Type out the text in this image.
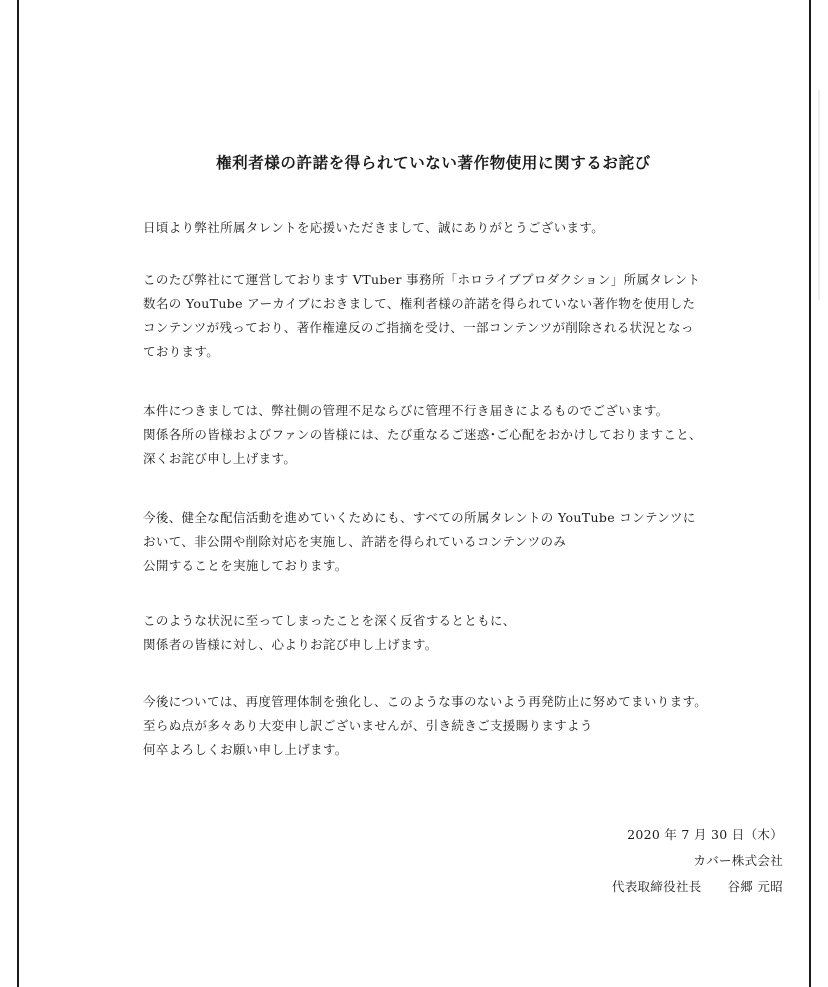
権利者様の許諾を得られていない著作物使用に関するお詫び
日頃より弊社所属タレントを応援いただきまして、誠にありがとうございます。
このたび弊社にて運営しております VTuber 事務所「ホロライブプロダクション」所属タレント
数名の YouTube アーカイブにおきまして、権利者様の許諾を得られていない著作物を使用した
コンテンツが残っており、著作権違反のご指摘を受け、一部コンテンツが削除される状況となっ
ております。
本件につきましては、弊社側の管理不足ならびに管理不行き届きによるものでございます。
関係各所の皆様およびファンの皆様には、たび重なるご迷惑･ご心配をおかけしておりますこと、
深くお詫び申し上げます。
今後、健全な配信活動を進めていくためにも、すべての所属タレントの YouTube コンテンツに
おいて、非公開や削除対応を実施し、許諾を得られているコンテンツのみ
公開することを実施しております。
このような状況に至ってしまったことを深く反省するとともに、
関係者の皆様に対し、心よりお詫び申し上げます。
今後については、再度管理体制を強化し、このような事のないよう再発防止に努めてまいります。
至らぬ点が多々あり大変申し訳ございませんが、引き続きご支援賜りますよう
何卒よろしくお願い申し上げます。
2020 年 7 月 30 日（木）
カバー株式会社
代表取締役社長 谷郷 元昭
